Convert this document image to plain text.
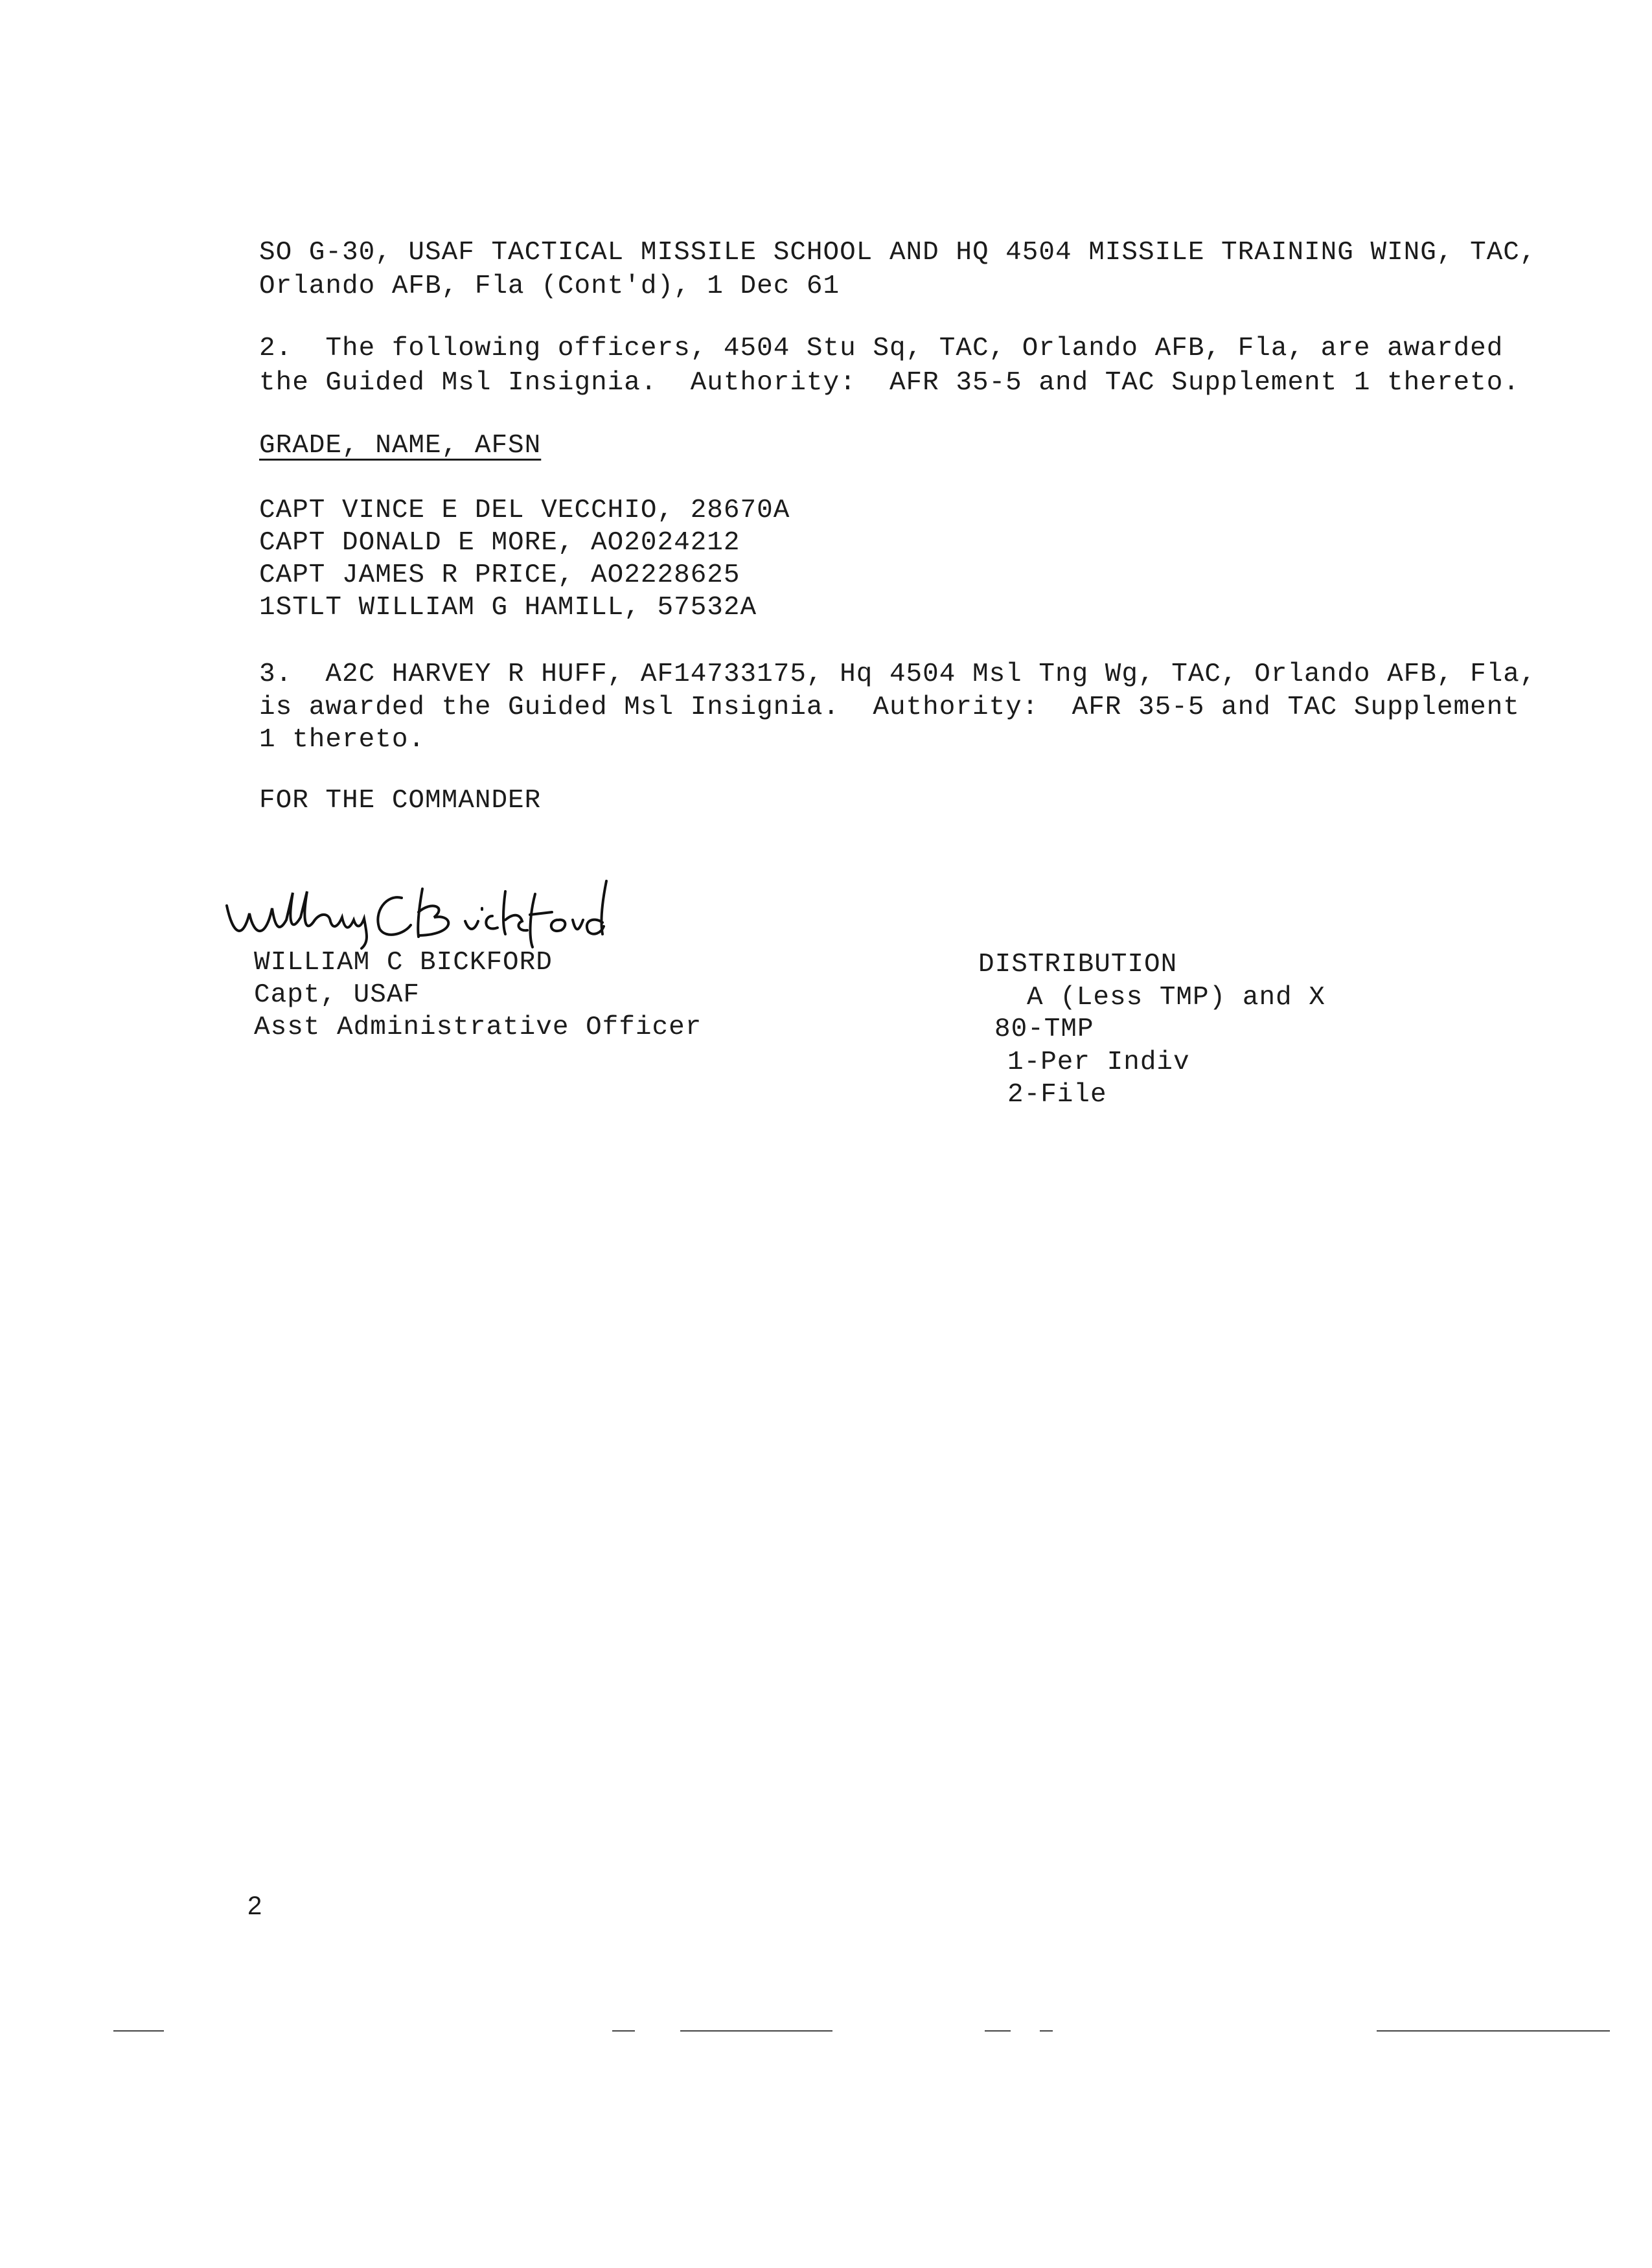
SO G-30, USAF TACTICAL MISSILE SCHOOL AND HQ 4504 MISSILE TRAINING WING, TAC,
Orlando AFB, Fla (Cont'd), 1 Dec 61
2.  The following officers, 4504 Stu Sq, TAC, Orlando AFB, Fla, are awarded
the Guided Msl Insignia.  Authority:  AFR 35-5 and TAC Supplement 1 thereto.
GRADE, NAME, AFSN
CAPT VINCE E DEL VECCHIO, 28670A
CAPT DONALD E MORE, AO2024212
CAPT JAMES R PRICE, AO2228625
1STLT WILLIAM G HAMILL, 57532A
3.  A2C HARVEY R HUFF, AF14733175, Hq 4504 Msl Tng Wg, TAC, Orlando AFB, Fla,
is awarded the Guided Msl Insignia.  Authority:  AFR 35-5 and TAC Supplement
1 thereto.
FOR THE COMMANDER
WILLIAM C BICKFORD
Capt, USAF
Asst Administrative Officer
DISTRIBUTION
A (Less TMP) and X
80-TMP
1-Per Indiv
2-File
2
